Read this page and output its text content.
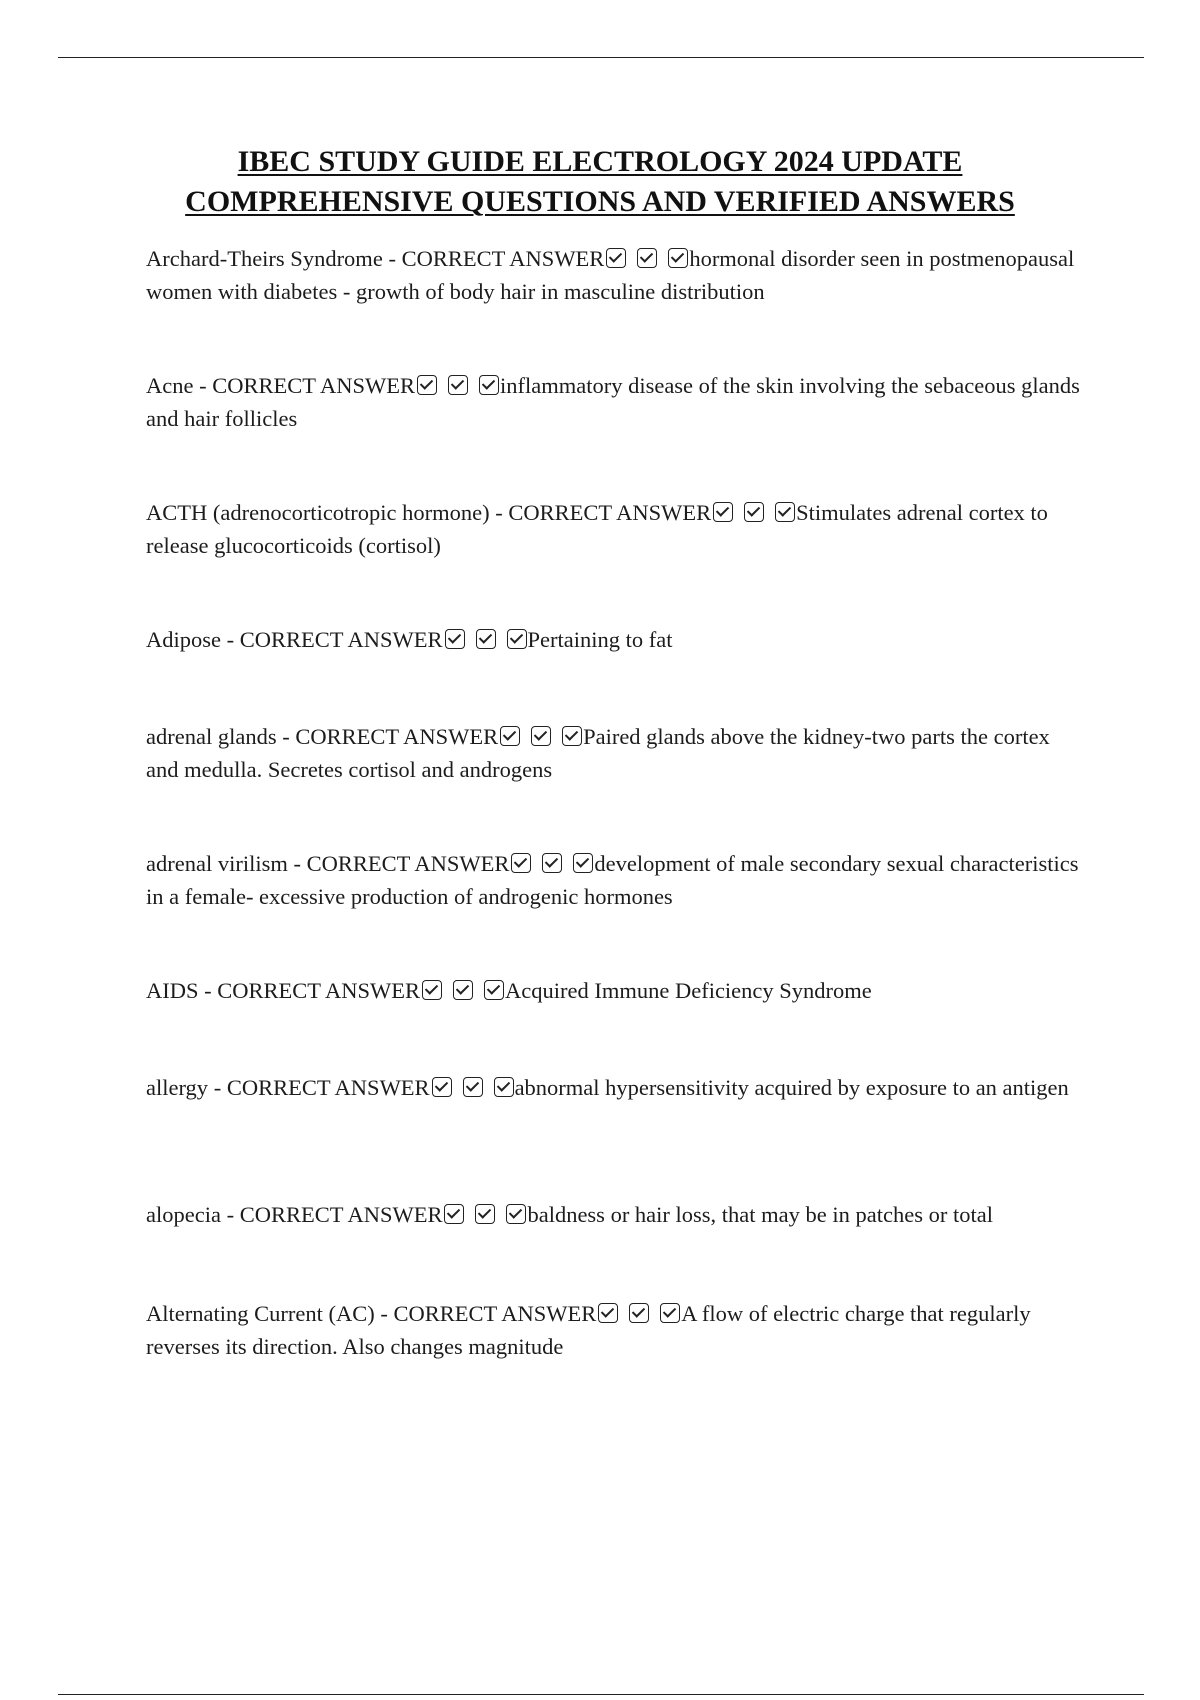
IBEC STUDY GUIDE ELECTROLOGY 2024 UPDATE
COMPREHENSIVE QUESTIONS AND VERIFIED ANSWERS

Archard-Theirs Syndrome - CORRECT ANSWER	hormonal disorder seen in postmenopausal women with diabetes - growth of body hair in masculine distribution

Acne - CORRECT ANSWER	inflammatory disease of the skin involving the sebaceous glands and hair follicles

ACTH (adrenocorticotropic hormone) - CORRECT ANSWER	Stimulates adrenal cortex to release glucocorticoids (cortisol)

Adipose - CORRECT ANSWER	Pertaining to fat

adrenal glands - CORRECT ANSWER	Paired glands above the kidney-two parts the cortex and medulla. Secretes cortisol and androgens

adrenal virilism - CORRECT ANSWER	development of male secondary sexual characteristics in a female- excessive production of androgenic hormones

AIDS - CORRECT ANSWER	Acquired Immune Deficiency Syndrome

allergy - CORRECT ANSWER	abnormal hypersensitivity acquired by exposure to an antigen

alopecia - CORRECT ANSWER	baldness or hair loss, that may be in patches or total

Alternating Current (AC) - CORRECT ANSWER	A flow of electric charge that regularly reverses its direction. Also changes magnitude
